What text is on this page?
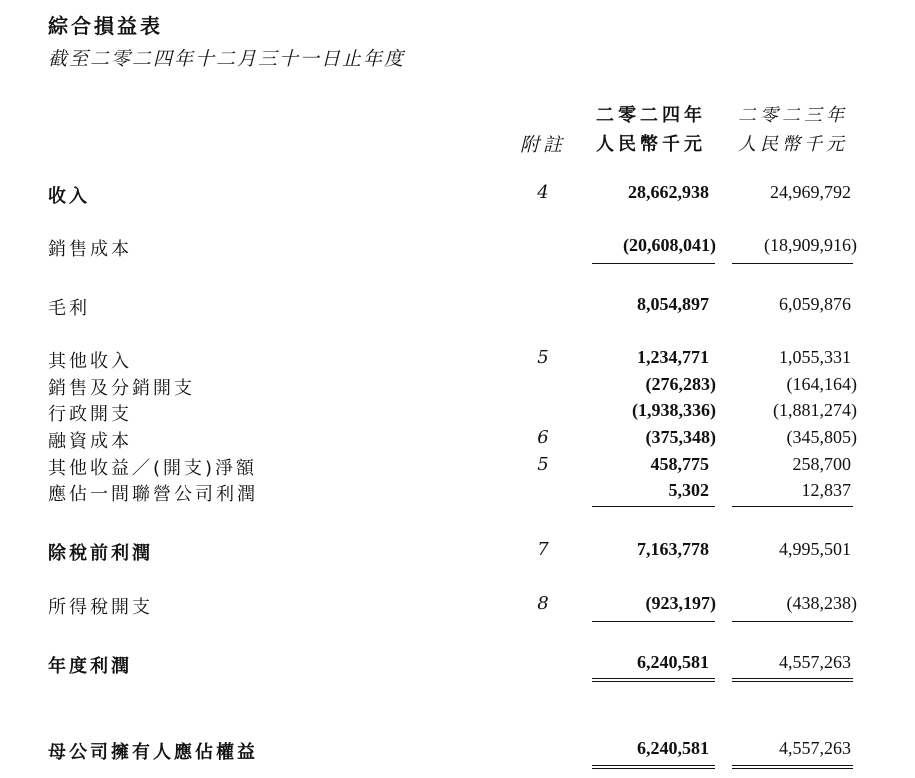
綜合損益表
截至二零二四年十二月三十一日止年度
附註
二零二四年
人民幣千元
二零二三年
人民幣千元
收入	4	28,662,938	24,969,792
銷售成本	(20,608,041)	(18,909,916)
毛利	8,054,897	6,059,876
其他收入	5	1,234,771	1,055,331
銷售及分銷開支	(276,283)	(164,164)
行政開支	(1,938,336)	(1,881,274)
融資成本	6	(375,348)	(345,805)
其他收益／(開支)淨額	5	458,775	258,700
應佔一間聯營公司利潤	5,302	12,837
除稅前利潤	7	7,163,778	4,995,501
所得稅開支	8	(923,197)	(438,238)
年度利潤	6,240,581	4,557,263
母公司擁有人應佔權益	6,240,581	4,557,263
